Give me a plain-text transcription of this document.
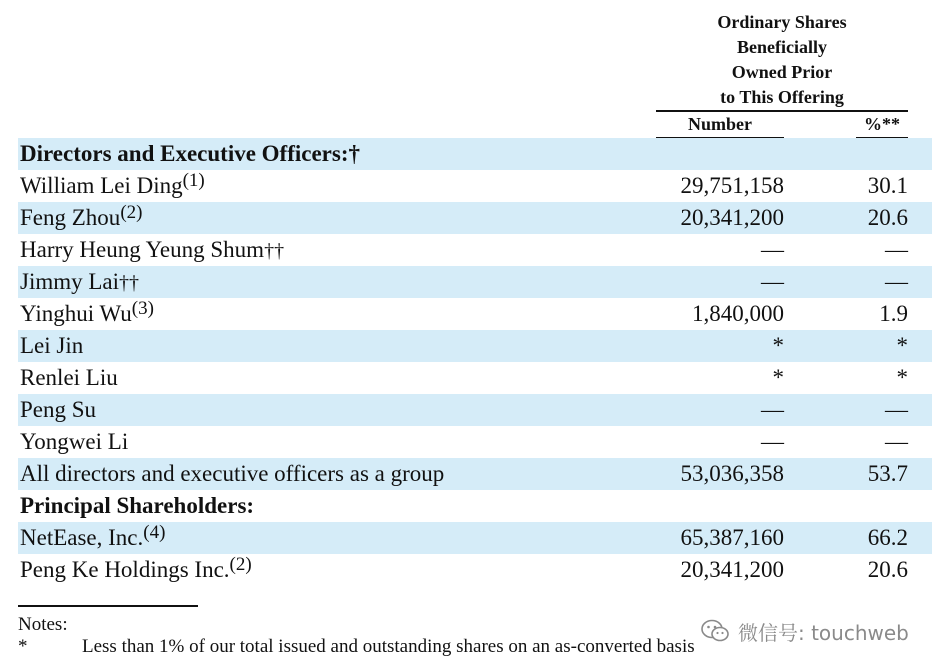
Ordinary Shares
Beneficially
Owned Prior
to This Offering
Number	%**
Directors and Executive Officers:†
William Lei Ding$^{(1)}$	29,751,158	30.1
Feng Zhou$^{(2)}$	20,341,200	20.6
Harry Heung Yeung Shum††	—	—
Jimmy Lai††	—	—
Yinghui Wu$^{(3)}$	1,840,000	1.9
Lei Jin	*	*
Renlei Liu	*	*
Peng Su	—	—
Yongwei Li	—	—
All directors and executive officers as a group	53,036,358	53.7
Principal Shareholders:
NetEase, Inc.$^{(4)}$	65,387,160	66.2
Peng Ke Holdings Inc.$^{(2)}$	20,341,200	20.6
Notes:
*	Less than 1% of our total issued and outstanding shares on an as-converted basis
微信号: touchweb
